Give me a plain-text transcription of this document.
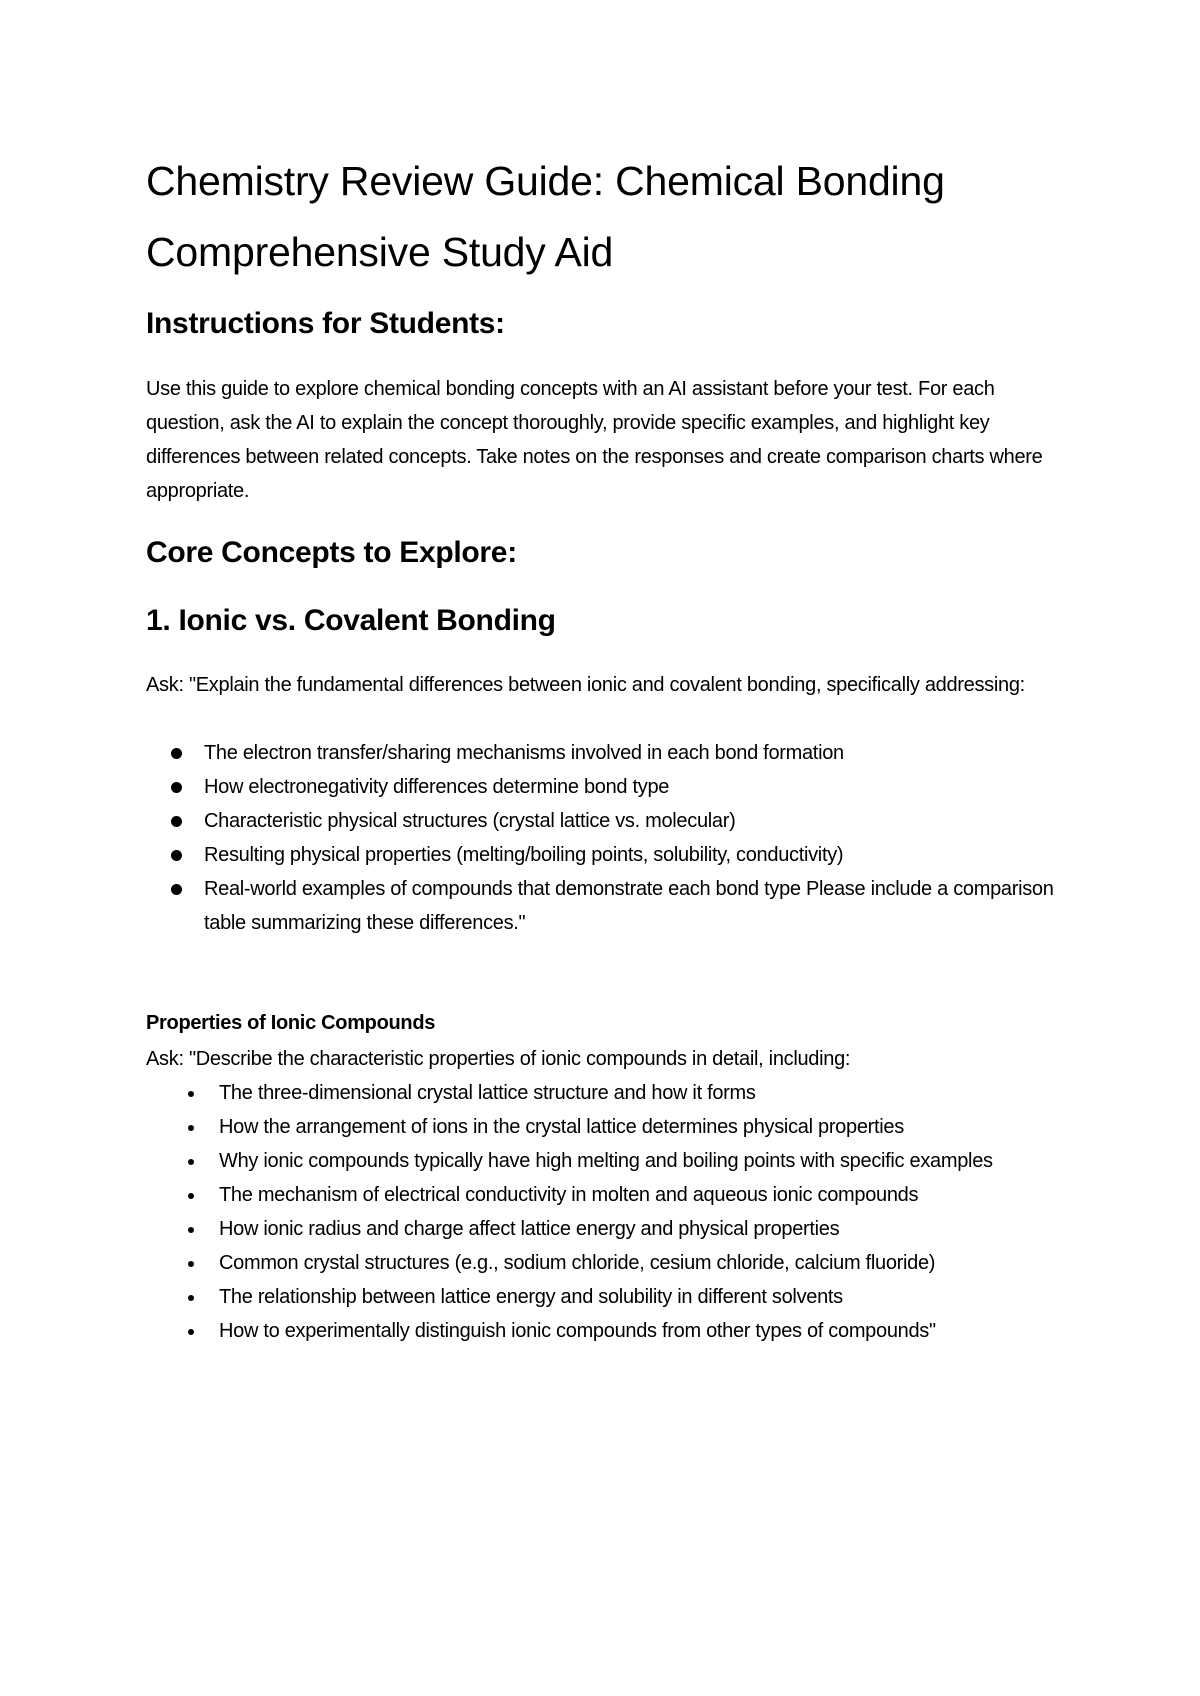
Chemistry Review Guide: Chemical Bonding
Comprehensive Study Aid
Instructions for Students:

Use this guide to explore chemical bonding concepts with an AI assistant before your test. For each question, ask the AI to explain the concept thoroughly, provide specific examples, and highlight key differences between related concepts. Take notes on the responses and create comparison charts where appropriate.

Core Concepts to Explore:
1. Ionic vs. Covalent Bonding

Ask: "Explain the fundamental differences between ionic and covalent bonding, specifically addressing:

The electron transfer/sharing mechanisms involved in each bond formation
How electronegativity differences determine bond type
Characteristic physical structures (crystal lattice vs. molecular)
Resulting physical properties (melting/boiling points, solubility, conductivity)
Real-world examples of compounds that demonstrate each bond type Please include a comparison table summarizing these differences."
Properties of Ionic Compounds

Ask: "Describe the characteristic properties of ionic compounds in detail, including:

The three-dimensional crystal lattice structure and how it forms
How the arrangement of ions in the crystal lattice determines physical properties
Why ionic compounds typically have high melting and boiling points with specific examples
The mechanism of electrical conductivity in molten and aqueous ionic compounds
How ionic radius and charge affect lattice energy and physical properties
Common crystal structures (e.g., sodium chloride, cesium chloride, calcium fluoride)
The relationship between lattice energy and solubility in different solvents
How to experimentally distinguish ionic compounds from other types of compounds"
